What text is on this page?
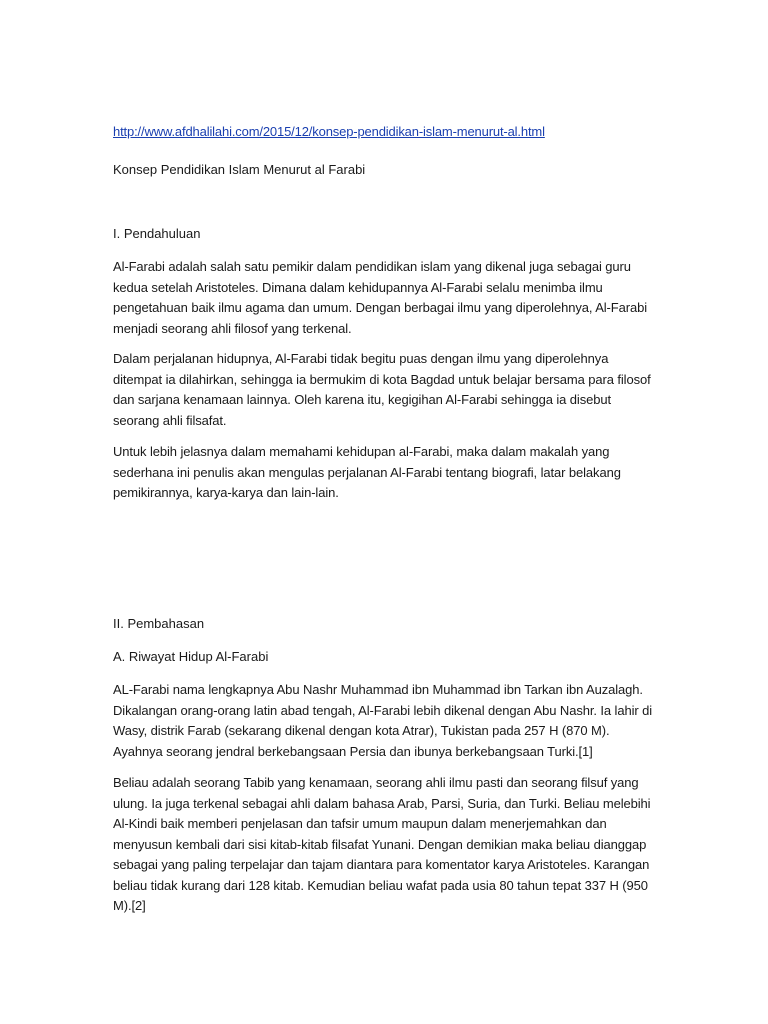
http://www.afdhalilahi.com/2015/12/konsep-pendidikan-islam-menurut-al.html

Konsep Pendidikan Islam Menurut al Farabi

I. Pendahuluan

Al-Farabi adalah salah satu pemikir dalam pendidikan islam yang dikenal juga sebagai guru kedua setelah Aristoteles. Dimana dalam kehidupannya Al-Farabi selalu menimba ilmu pengetahuan baik ilmu agama dan umum. Dengan berbagai ilmu yang diperolehnya, Al-Farabi menjadi seorang ahli filosof yang terkenal.

Dalam perjalanan hidupnya, Al-Farabi tidak begitu puas dengan ilmu yang diperolehnya ditempat ia dilahirkan, sehingga ia bermukim di kota Bagdad untuk belajar bersama para filosof dan sarjana kenamaan lainnya. Oleh karena itu, kegigihan Al-Farabi sehingga ia disebut seorang ahli filsafat.

Untuk lebih jelasnya dalam memahami kehidupan al-Farabi, maka dalam makalah yang sederhana ini penulis akan mengulas perjalanan Al-Farabi tentang biografi, latar belakang pemikirannya, karya-karya dan lain-lain.

II. Pembahasan

A. Riwayat Hidup Al-Farabi

AL-Farabi nama lengkapnya Abu Nashr Muhammad ibn Muhammad ibn Tarkan ibn Auzalagh. Dikalangan orang-orang latin abad tengah, Al-Farabi lebih dikenal dengan Abu Nashr. Ia lahir di Wasy, distrik Farab (sekarang dikenal dengan kota Atrar), Tukistan pada 257 H (870 M). Ayahnya seorang jendral berkebangsaan Persia dan ibunya berkebangsaan Turki.[1]

Beliau adalah seorang Tabib yang kenamaan, seorang ahli ilmu pasti dan seorang filsuf yang ulung. Ia juga terkenal sebagai ahli dalam bahasa Arab, Parsi, Suria, dan Turki. Beliau melebihi Al-Kindi baik memberi penjelasan dan tafsir umum maupun dalam menerjemahkan dan menyusun kembali dari sisi kitab-kitab filsafat Yunani. Dengan demikian maka beliau dianggap sebagai yang paling terpelajar dan tajam diantara para komentator karya Aristoteles. Karangan beliau tidak kurang dari 128 kitab. Kemudian beliau wafat pada usia 80 tahun tepat 337 H (950 M).[2]
